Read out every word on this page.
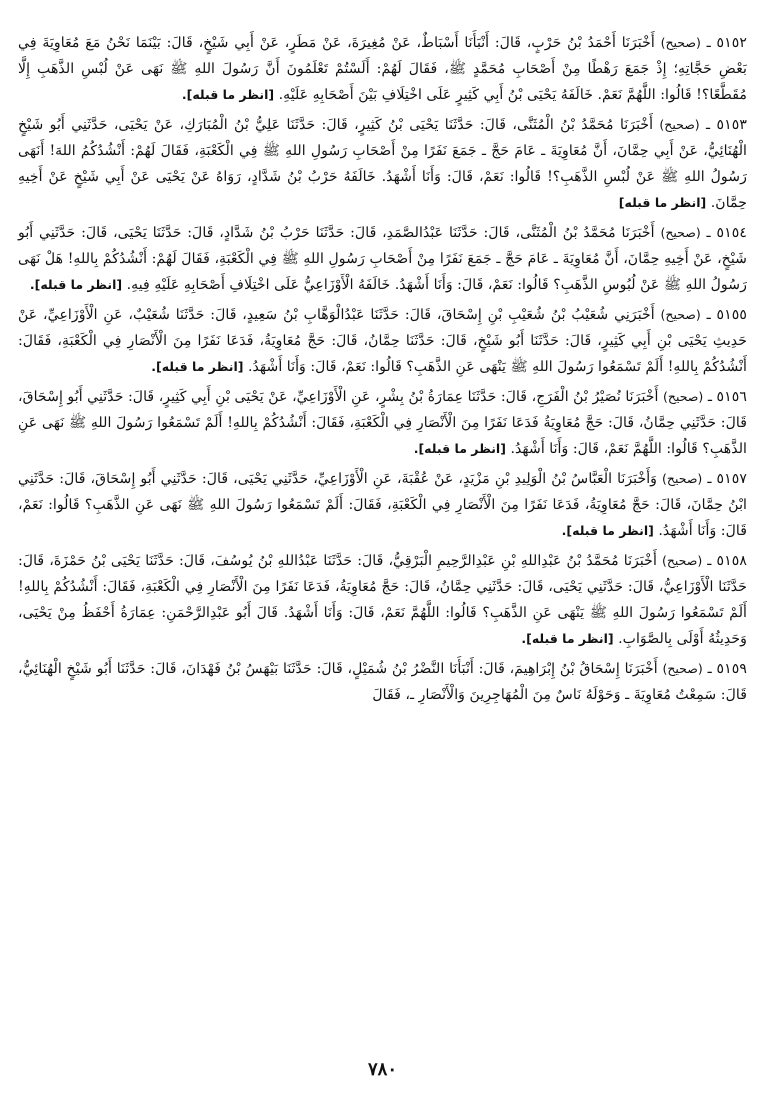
٥١٥٢ ـ (صحيح) أَخْبَرَنَا أَحْمَدُ بْنُ حَرْبٍ، قَالَ: أَنْبَأَنَا أَسْبَاطٌ، عَنْ مُغِيرَةَ، عَنْ مَطَرٍ، عَنْ أَبِي شَيْخٍ، قَالَ: بَيْنَمَا نَحْنُ مَعَ مُعَاوِيَةَ فِي بَعْضِ حَجَّاتِهِ؛ إِذْ جَمَعَ رَهْطًا مِنْ أَصْحَابِ مُحَمَّدٍ ﷺ، فَقَالَ لَهُمْ: أَلَسْتُمْ تَعْلَمُونَ أَنَّ رَسُولَ اللهِ ﷺ نَهَى عَنْ لُبْسِ الذَّهَبِ إِلَّا مُقَطَّعًا؟! قَالُوا: اللَّهُمَّ نَعَمْ. خَالَفَهُ يَحْيَى بْنُ أَبِي كَثِيرٍ عَلَى اخْتِلَافِ بَيْنَ أَصْحَابِهِ عَلَيْهِ. [انظر ما قبله].

٥١٥٣ ـ (صحيح) أَخْبَرَنَا مُحَمَّدُ بْنُ الْمُثَنَّى، قَالَ: حَدَّثَنَا يَحْيَى بْنُ كَثِيرٍ، قَالَ: حَدَّثَنَا عَلِيُّ بْنُ الْمُبَارَكِ، عَنْ يَحْيَى، حَدَّثَنِي أَبُو شَيْخٍ الْهُنَائِيُّ، عَنْ أَبِي حِمَّانَ، أَنَّ مُعَاوِيَةَ ـ عَامَ حَجَّ ـ جَمَعَ نَفَرًا مِنْ أَصْحَابِ رَسُولِ اللهِ ﷺ فِي الْكَعْبَةِ، فَقَالَ لَهُمْ: أَنْشُدُكُمُ اللهَ! أَنَهَى رَسُولُ اللهِ ﷺ عَنْ لُبْسِ الذَّهَبِ؟! قَالُوا: نَعَمْ، قَالَ: وَأَنَا أَشْهَدُ. خَالَفَهُ حَرْبُ بْنُ شَدَّادٍ، رَوَاهُ عَنْ يَحْيَى عَنْ أَبِي شَيْخٍ عَنْ أَخِيهِ حِمَّانَ. [انظر ما قبله]

٥١٥٤ ـ (صحيح) أَخْبَرَنَا مُحَمَّدُ بْنُ الْمُثَنَّى، قَالَ: حَدَّثَنَا عَبْدُالصَّمَدِ، قَالَ: حَدَّثَنَا حَرْبُ بْنُ شَدَّادٍ، قَالَ: حَدَّثَنَا يَحْيَى، قَالَ: حَدَّثَنِي أَبُو شَيْخٍ، عَنْ أَخِيهِ حِمَّانَ، أَنَّ مُعَاوِيَةَ ـ عَامَ حَجَّ ـ جَمَعَ نَفَرًا مِنْ أَصْحَابِ رَسُولِ اللهِ ﷺ فِي الْكَعْبَةِ، فَقَالَ لَهُمْ: أَنْشُدُكُمْ بِاللهِ! هَلْ نَهَى رَسُولُ اللهِ ﷺ عَنْ لُبُوسِ الذَّهَبِ؟ قَالُوا: نَعَمْ، قَالَ: وَأَنَا أَشْهَدُ. خَالَفَهُ الْأَوْزَاعِيُّ عَلَى اخْتِلَافِ أَصْحَابِهِ عَلَيْهِ فِيهِ. [انظر ما قبله].

٥١٥٥ ـ (صحيح) أَخْبَرَنِي شُعَيْبُ بْنُ شُعَيْبِ بْنِ إِسْحَاقَ، قَالَ: حَدَّثَنَا عَبْدُالْوَهَّابِ بْنُ سَعِيدٍ، قَالَ: حَدَّثَنَا شُعَيْبٌ، عَنِ الْأَوْزَاعِيِّ، عَنْ حَدِيثِ يَحْيَى بْنِ أَبِي كَثِيرٍ، قَالَ: حَدَّثَنَا أَبُو شَيْخٍ، قَالَ: حَدَّثَنَا حِمَّانُ، قَالَ: حَجَّ مُعَاوِيَةُ، فَدَعَا نَفَرًا مِنَ الْأَنْصَارِ فِي الْكَعْبَةِ، فَقَالَ: أَنْشُدُكُمْ بِاللهِ! أَلَمْ تَسْمَعُوا رَسُولَ اللهِ ﷺ يَنْهَى عَنِ الذَّهَبِ؟ قَالُوا: نَعَمْ، قَالَ: وَأَنَا أَشْهَدُ. [انظر ما قبله].

٥١٥٦ ـ (صحيح) أَخْبَرَنَا نُصَيْرُ بْنُ الْفَرَجِ، قَالَ: حَدَّثَنَا عِمَارَةُ بْنُ بِشْرٍ، عَنِ الْأَوْزَاعِيِّ، عَنْ يَحْيَى بْنِ أَبِي كَثِيرٍ، قَالَ: حَدَّثَنِي أَبُو إِسْحَاقَ، قَالَ: حَدَّثَنِي حِمَّانُ، قَالَ: حَجَّ مُعَاوِيَةُ فَدَعَا نَفَرًا مِنَ الْأَنْصَارِ فِي الْكَعْبَةِ، فَقَالَ: أَنْشُدُكُمْ بِاللهِ! أَلَمْ تَسْمَعُوا رَسُولَ اللهِ ﷺ نَهَى عَنِ الذَّهَبِ؟ قَالُوا: اللَّهُمَّ نَعَمْ، قَالَ: وَأَنَا أَشْهَدُ. [انظر ما قبله].

٥١٥٧ ـ (صحيح) وَأَخْبَرَنَا الْعَبَّاسُ بْنُ الْوَلِيدِ بْنِ مَزْيَدٍ، عَنْ عُقْبَةَ، عَنِ الْأَوْزَاعِيِّ، حَدَّثَنِي يَحْيَى، قَالَ: حَدَّثَنِي أَبُو إِسْحَاقَ، قَالَ: حَدَّثَنِي ابْنُ حِمَّانَ، قَالَ: حَجَّ مُعَاوِيَةُ، فَدَعَا نَفَرًا مِنَ الْأَنْصَارِ فِي الْكَعْبَةِ، فَقَالَ: أَلَمْ تَسْمَعُوا رَسُولَ اللهِ ﷺ نَهَى عَنِ الذَّهَبِ؟ قَالُوا: نَعَمْ، قَالَ: وَأَنَا أَشْهَدُ. [انظر ما قبله].

٥١٥٨ ـ (صحيح) أَخْبَرَنَا مُحَمَّدُ بْنُ عَبْدِاللهِ بْنِ عَبْدِالرَّحِيمِ الْبَرْقِيُّ، قَالَ: حَدَّثَنَا عَبْدُاللهِ بْنُ يُوسُفَ، قَالَ: حَدَّثَنَا يَحْيَى بْنُ حَمْزَةَ، قَالَ: حَدَّثَنَا الْأَوْزَاعِيُّ، قَالَ: حَدَّثَنِي يَحْيَى، قَالَ: حَدَّثَنِي حِمَّانُ، قَالَ: حَجَّ مُعَاوِيَةُ، فَدَعَا نَفَرًا مِنَ الْأَنْصَارِ فِي الْكَعْبَةِ، فَقَالَ: أَنْشُدُكُمْ بِاللهِ! أَلَمْ تَسْمَعُوا رَسُولَ اللهِ ﷺ يَنْهَى عَنِ الذَّهَبِ؟ قَالُوا: اللَّهُمَّ نَعَمْ، قَالَ: وَأَنَا أَشْهَدُ. قَالَ أَبُو عَبْدِالرَّحْمَنِ: عِمَارَةُ أَحْفَظُ مِنْ يَحْيَى، وَحَدِيثُهُ أَوْلَى بِالصَّوَابِ. [انظر ما قبله].

٥١٥٩ ـ (صحيح) أَخْبَرَنَا إِسْحَاقُ بْنُ إِبْرَاهِيمَ، قَالَ: أَنْبَأَنَا النَّضْرُ بْنُ شُمَيْلٍ، قَالَ: حَدَّثَنَا بَيْهَسُ بْنُ فَهْدَانَ، قَالَ: حَدَّثَنَا أَبُو شَيْخٍ الْهُنَائِيُّ، قَالَ: سَمِعْتُ مُعَاوِيَةَ ـ وَحَوْلَهُ نَاسٌ مِنَ الْمُهَاجِرِينَ وَالْأَنْصَارِ ـ، فَقَالَ

٧٨٠
